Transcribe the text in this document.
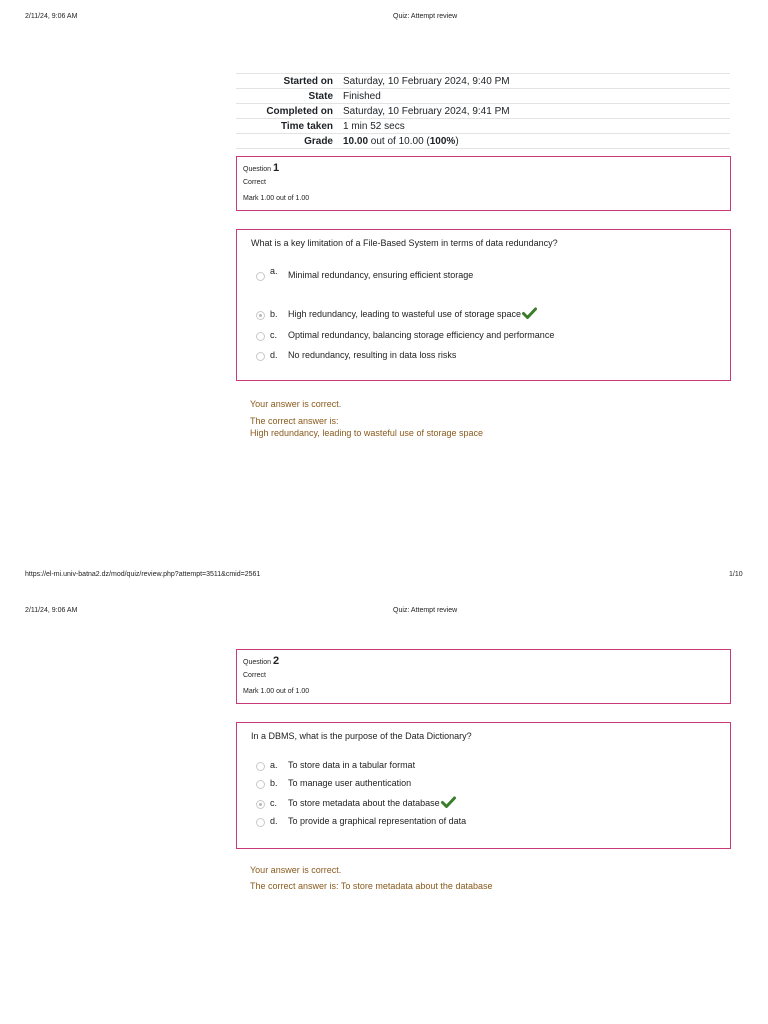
2/11/24, 9:06 AM	Quiz: Attempt review
Started on	Saturday, 10 February 2024, 9:40 PM
State	Finished
Completed on	Saturday, 10 February 2024, 9:41 PM
Time taken	1 min 52 secs
Grade	10.00 out of 10.00 (100%)
Question 1
Correct
Mark 1.00 out of 1.00
What is a key limitation of a File-Based System in terms of data redundancy?
a. Minimal redundancy, ensuring efficient storage
b. High redundancy, leading to wasteful use of storage space
c. Optimal redundancy, balancing storage efficiency and performance
d. No redundancy, resulting in data loss risks
Your answer is correct.
The correct answer is:
High redundancy, leading to wasteful use of storage space
https://el-mi.univ-batna2.dz/mod/quiz/review.php?attempt=3511&cmid=2561	1/10
2/11/24, 9:06 AM	Quiz: Attempt review
Question 2
Correct
Mark 1.00 out of 1.00
In a DBMS, what is the purpose of the Data Dictionary?
a. To store data in a tabular format
b. To manage user authentication
c. To store metadata about the database
d. To provide a graphical representation of data
Your answer is correct.
The correct answer is: To store metadata about the database
